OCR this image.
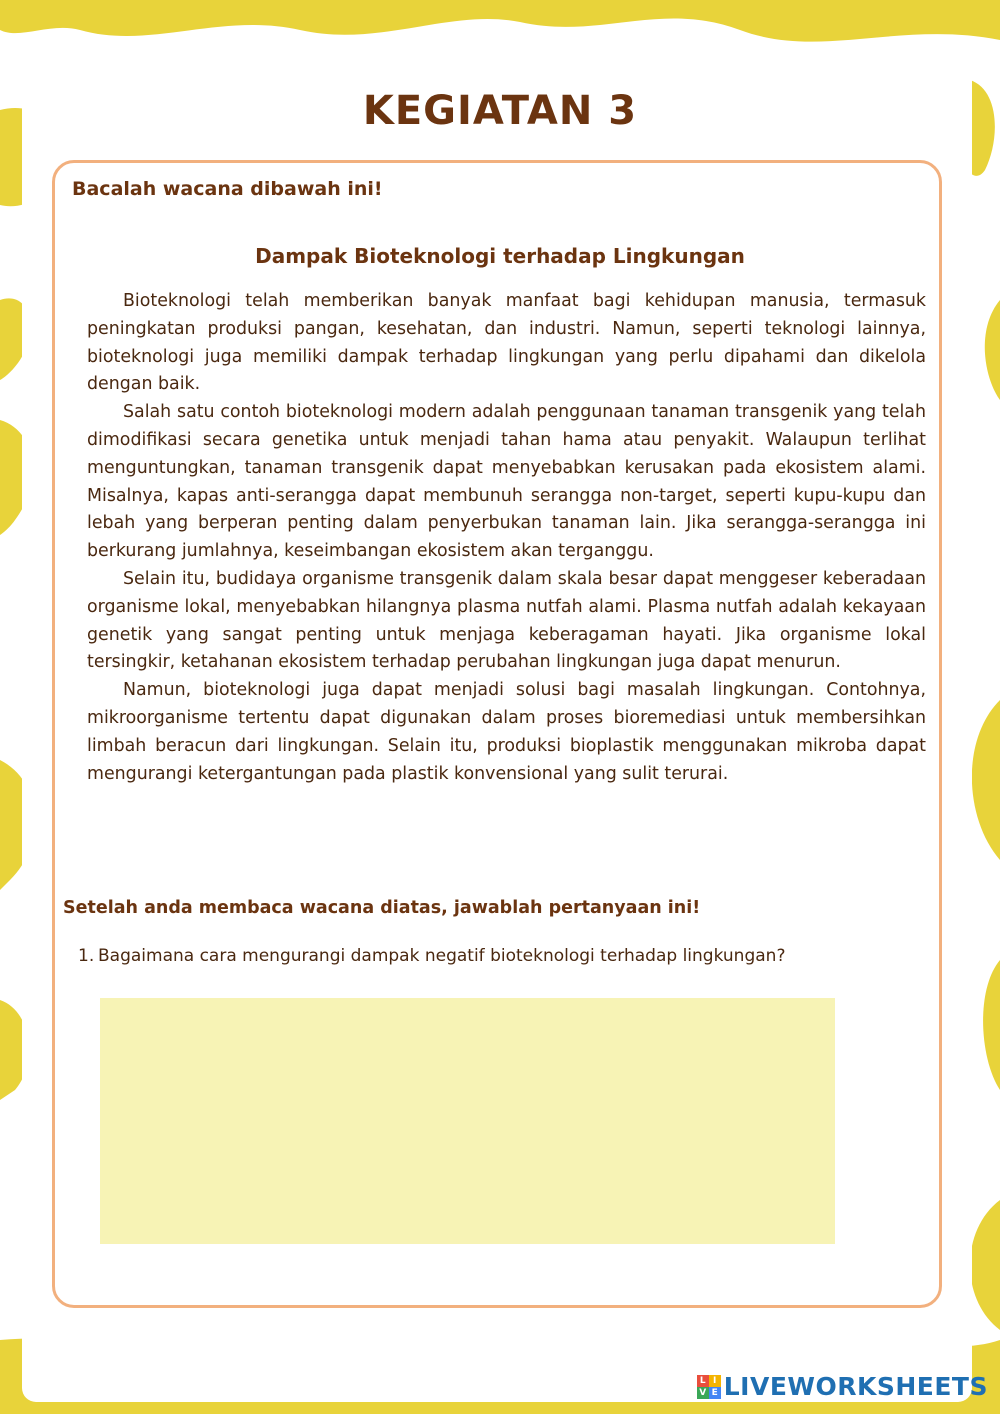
KEGIATAN 3

Bacalah wacana dibawah ini!

Dampak Bioteknologi terhadap Lingkungan

Bioteknologi telah memberikan banyak manfaat bagi kehidupan manusia, termasuk peningkatan produksi pangan, kesehatan, dan industri. Namun, seperti teknologi lainnya, bioteknologi juga memiliki dampak terhadap lingkungan yang perlu dipahami dan dikelola dengan baik.

Salah satu contoh bioteknologi modern adalah penggunaan tanaman transgenik yang telah dimodifikasi secara genetika untuk menjadi tahan hama atau penyakit. Walaupun terlihat menguntungkan, tanaman transgenik dapat menyebabkan kerusakan pada ekosistem alami. Misalnya, kapas anti-serangga dapat membunuh serangga non-target, seperti kupu-kupu dan lebah yang berperan penting dalam penyerbukan tanaman lain. Jika serangga-serangga ini berkurang jumlahnya, keseimbangan ekosistem akan terganggu.

Selain itu, budidaya organisme transgenik dalam skala besar dapat menggeser keberadaan organisme lokal, menyebabkan hilangnya plasma nutfah alami. Plasma nutfah adalah kekayaan genetik yang sangat penting untuk menjaga keberagaman hayati. Jika organisme lokal tersingkir, ketahanan ekosistem terhadap perubahan lingkungan juga dapat menurun.

Namun, bioteknologi juga dapat menjadi solusi bagi masalah lingkungan. Contohnya, mikroorganisme tertentu dapat digunakan dalam proses bioremediasi untuk membersihkan limbah beracun dari lingkungan. Selain itu, produksi bioplastik menggunakan mikroba dapat mengurangi ketergantungan pada plastik konvensional yang sulit terurai.

Setelah anda membaca wacana diatas, jawablah pertanyaan ini!

1. Bagaimana cara mengurangi dampak negatif bioteknologi terhadap lingkungan?
L I
V E LIVEWORKSHEETS
